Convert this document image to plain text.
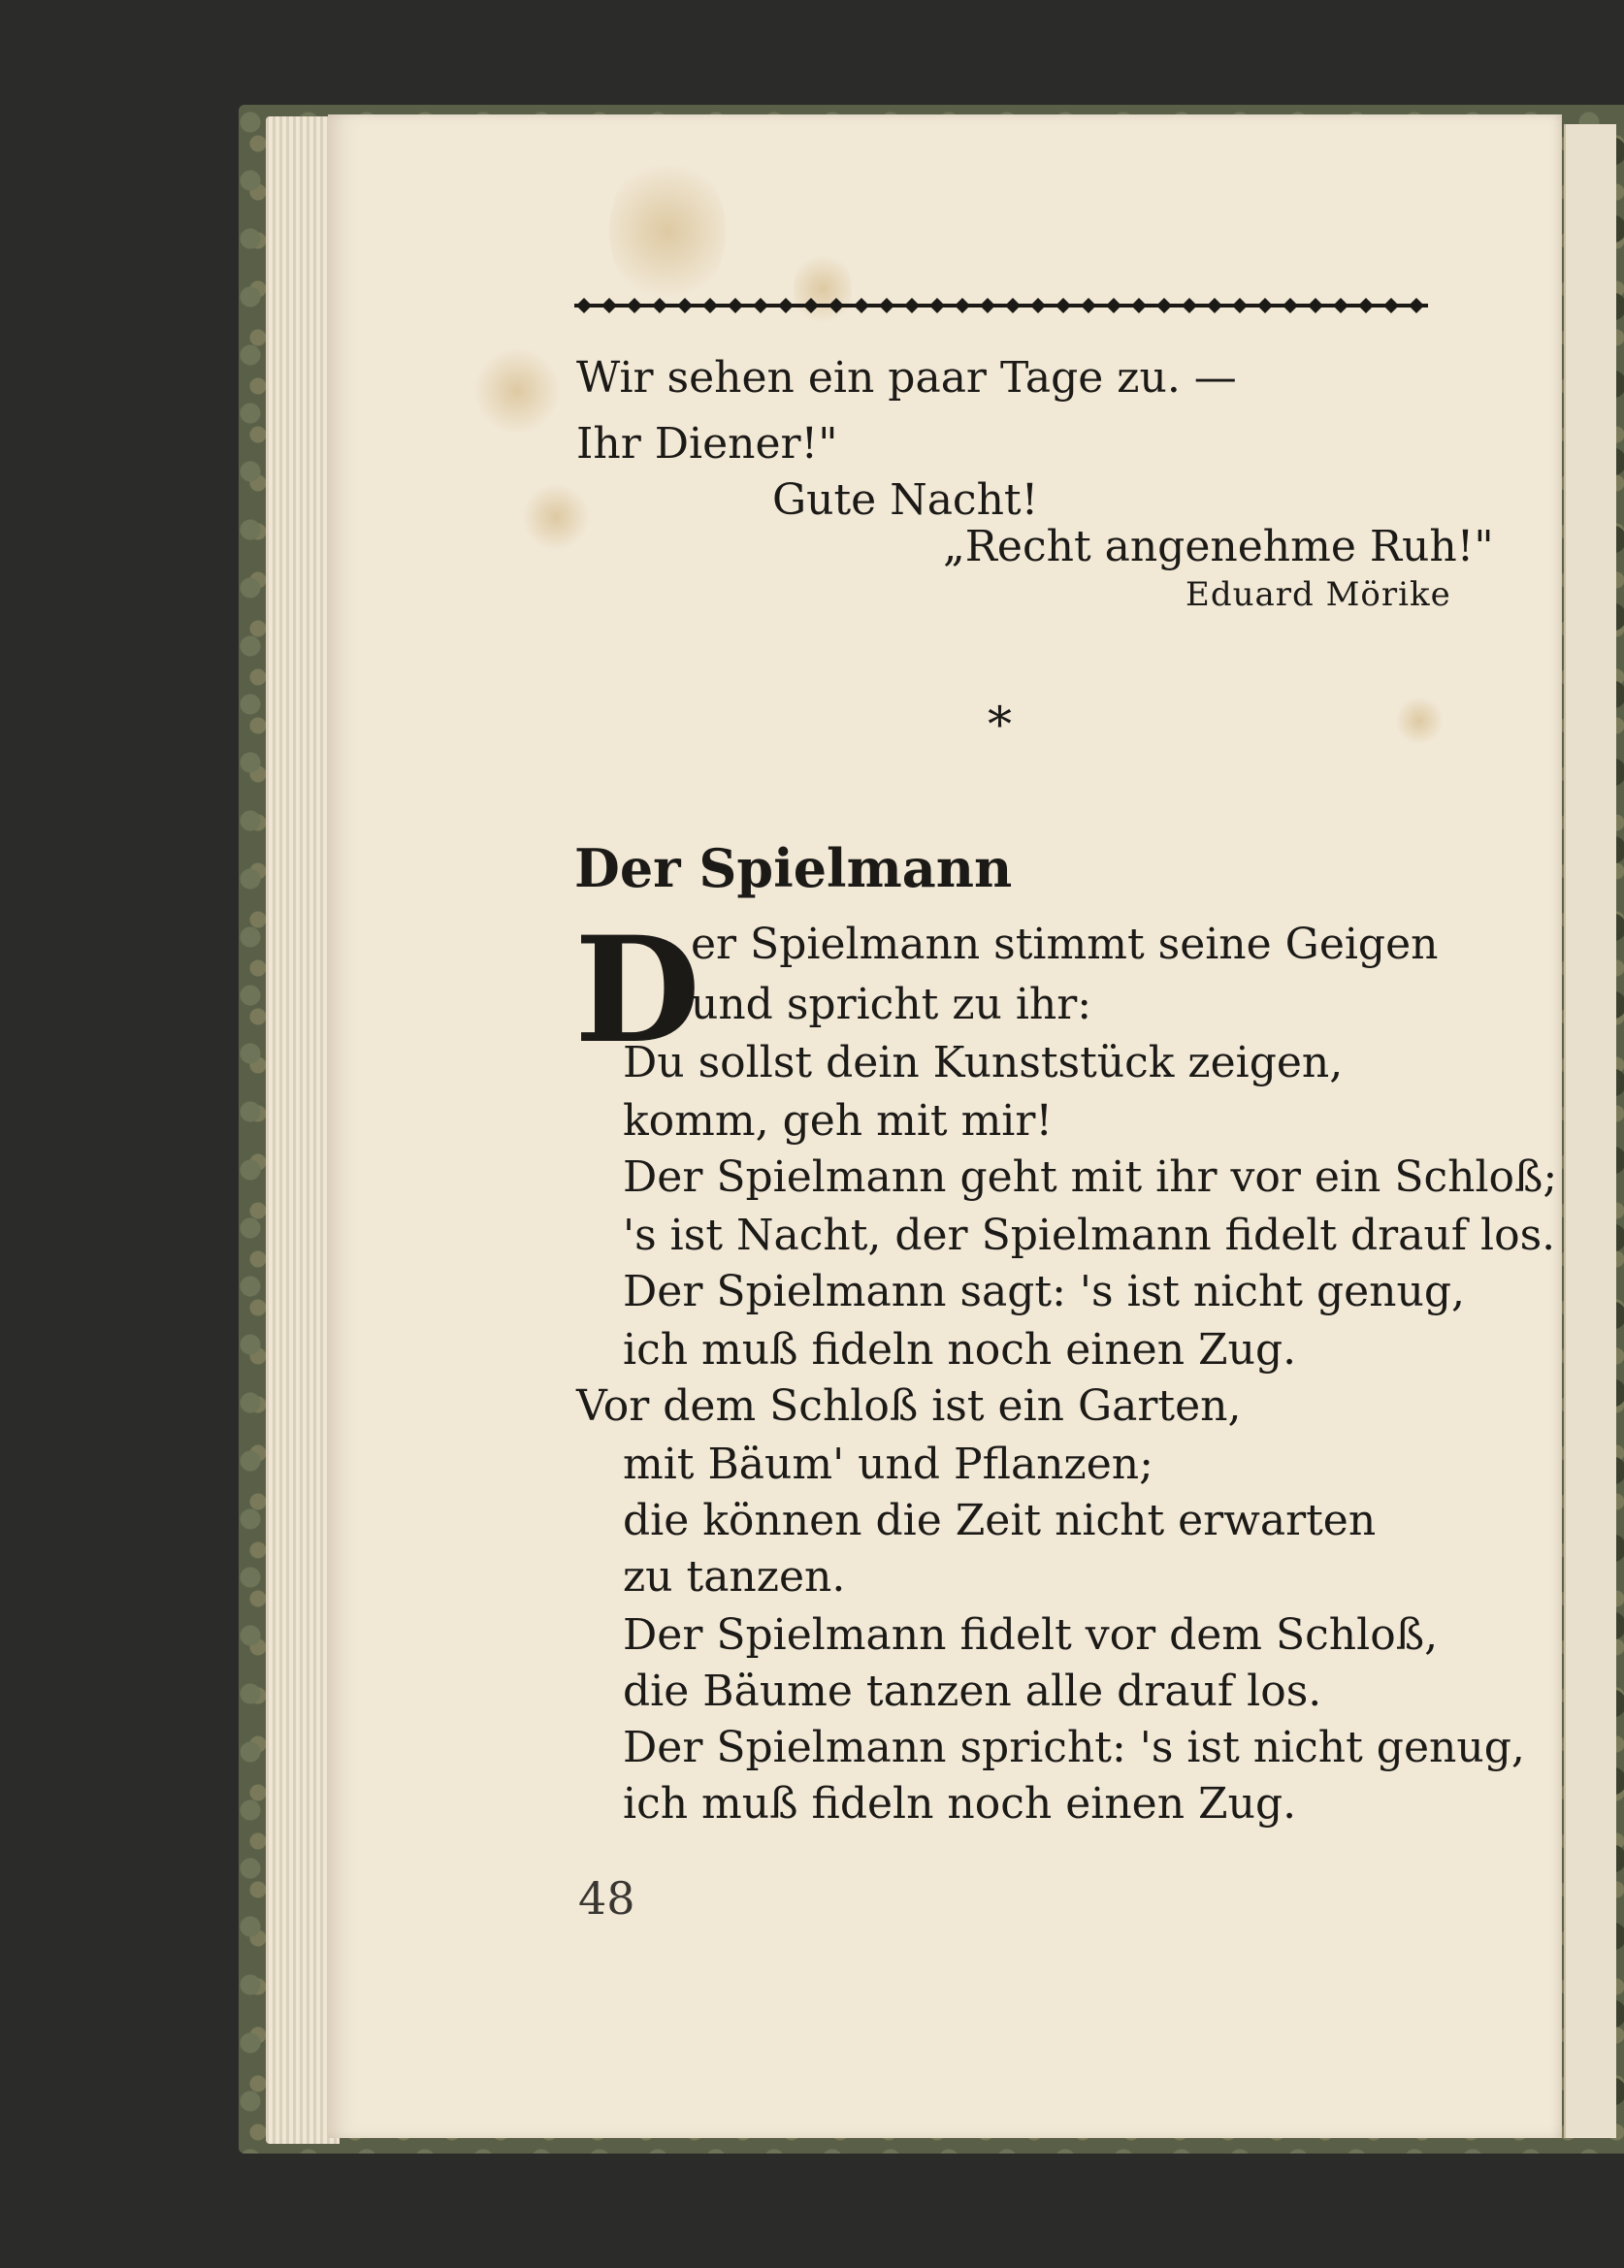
Wir sehen ein paar Tage zu. —
Ihr Diener!"
Gute Nacht!
„Recht angenehme Ruh!"
Eduard Mörike
*
Der Spielmann
D
er Spielmann stimmt seine Geigen
und spricht zu ihr:
Du sollst dein Kunststück zeigen,
komm, geh mit mir!
Der Spielmann geht mit ihr vor ein Schloß;
's ist Nacht, der Spielmann fidelt drauf los.
Der Spielmann sagt: 's ist nicht genug,
ich muß fideln noch einen Zug.
Vor dem Schloß ist ein Garten,
mit Bäum' und Pflanzen;
die können die Zeit nicht erwarten
zu tanzen.
Der Spielmann fidelt vor dem Schloß,
die Bäume tanzen alle drauf los.
Der Spielmann spricht: 's ist nicht genug,
ich muß fideln noch einen Zug.
48
